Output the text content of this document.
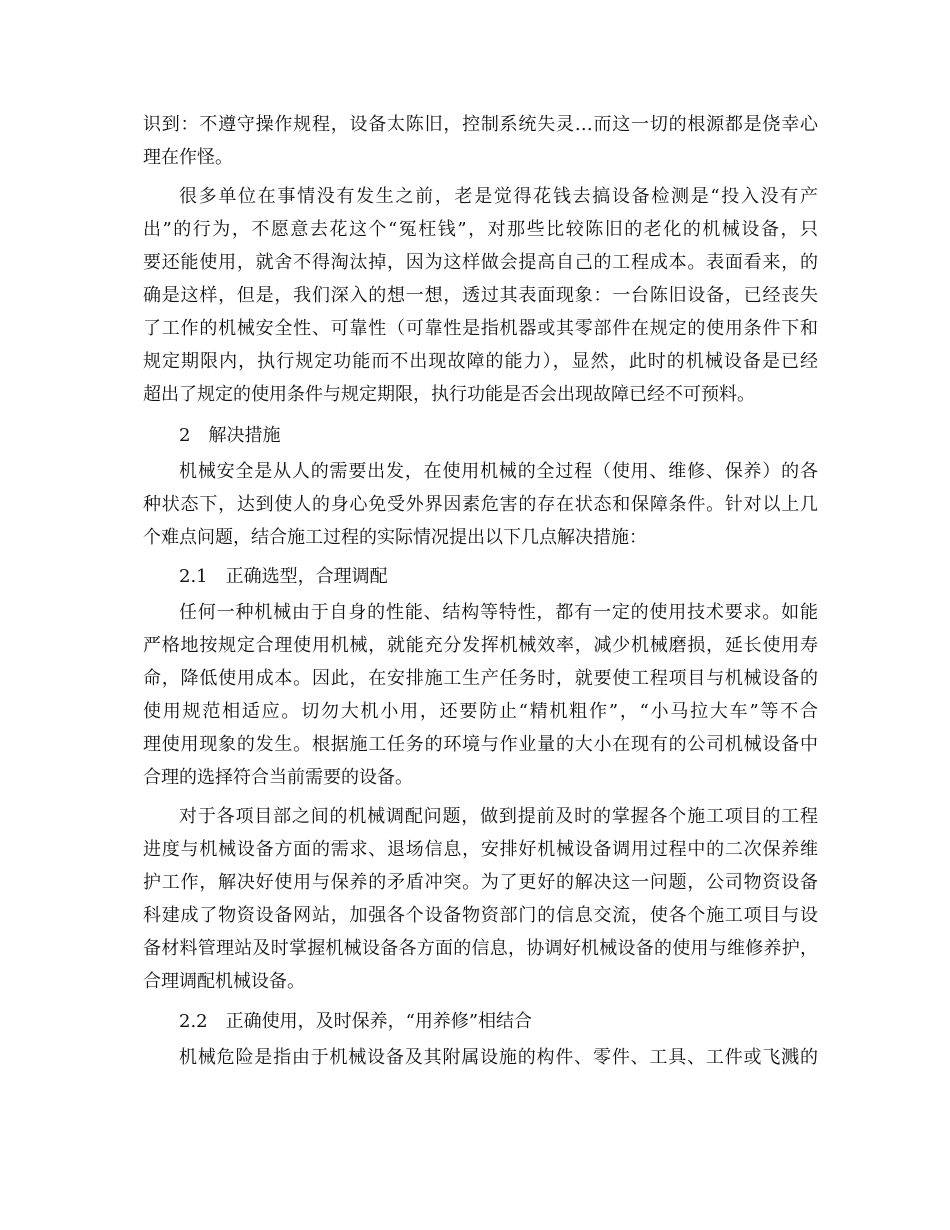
识到：不遵守操作规程，设备太陈旧，控制系统失灵…而这一切的根源都是侥幸心
理在作怪。
很多单位在事情没有发生之前，老是觉得花钱去搞设备检测是“投入没有产
出”的行为，不愿意去花这个“冤枉钱”，对那些比较陈旧的老化的机械设备，只
要还能使用，就舍不得淘汰掉，因为这样做会提高自己的工程成本。表面看来，的
确是这样，但是，我们深入的想一想，透过其表面现象：一台陈旧设备，已经丧失
了工作的机械安全性、可靠性（可靠性是指机器或其零部件在规定的使用条件下和
规定期限内，执行规定功能而不出现故障的能力），显然，此时的机械设备是已经
超出了规定的使用条件与规定期限，执行功能是否会出现故障已经不可预料。
2　解决措施
机械安全是从人的需要出发，在使用机械的全过程（使用、维修、保养）的各
种状态下，达到使人的身心免受外界因素危害的存在状态和保障条件。针对以上几
个难点问题，结合施工过程的实际情况提出以下几点解决措施：
2.1　正确选型，合理调配
任何一种机械由于自身的性能、结构等特性，都有一定的使用技术要求。如能
严格地按规定合理使用机械，就能充分发挥机械效率，减少机械磨损，延长使用寿
命，降低使用成本。因此，在安排施工生产任务时，就要使工程项目与机械设备的
使用规范相适应。切勿大机小用，还要防止“精机粗作”，“小马拉大车”等不合
理使用现象的发生。根据施工任务的环境与作业量的大小在现有的公司机械设备中
合理的选择符合当前需要的设备。
对于各项目部之间的机械调配问题，做到提前及时的掌握各个施工项目的工程
进度与机械设备方面的需求、退场信息，安排好机械设备调用过程中的二次保养维
护工作，解决好使用与保养的矛盾冲突。为了更好的解决这一问题，公司物资设备
科建成了物资设备网站，加强各个设备物资部门的信息交流，使各个施工项目与设
备材料管理站及时掌握机械设备各方面的信息，协调好机械设备的使用与维修养护，
合理调配机械设备。
2.2　正确使用，及时保养，“用养修”相结合
机械危险是指由于机械设备及其附属设施的构件、零件、工具、工件或飞溅的
